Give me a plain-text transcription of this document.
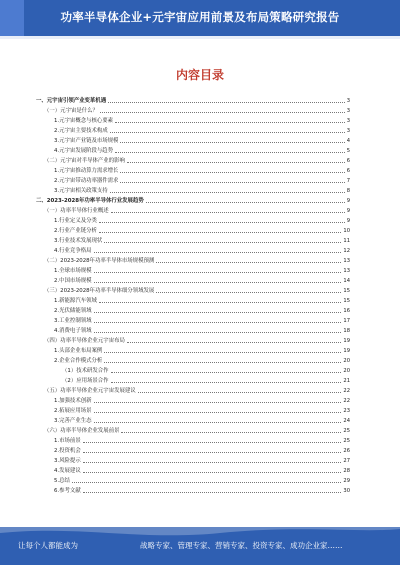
功率半导体企业+元宇宙应用前景及布局策略研究报告
内容目录
一、元宇宙引领产业变革机遇	3
（一）元宇宙是什么？	3
1.元宇宙概念与核心要素	3
2.元宇宙主要技术构成	3
3.元宇宙产业链及市场规模	4
4.元宇宙发展阶段与趋势	5
（二）元宇宙对半导体产业的影响	6
1.元宇宙推动算力需求增长	6
2.元宇宙带动功率器件需求	7
3.元宇宙相关政策支持	8
二、2023-2028年功率半导体行业发展趋势	9
（一）功率半导体行业概述	9
1.行业定义及分类	9
2.行业产业链分析	10
3.行业技术发展现状	11
4.行业竞争格局	12
（二）2023-2028年功率半导体市场规模预测	13
1.全球市场规模	13
2.中国市场规模	14
（三）2023-2028年功率半导体细分领域发展	15
1.新能源汽车领域	15
2.光伏储能领域	16
3.工业控制领域	17
4.消费电子领域	18
（四）功率半导体企业元宇宙布局	19
1.头部企业布局案例	19
2.企业合作模式分析	20
（1）技术研发合作	20
（2）应用场景合作	21
（五）功率半导体企业元宇宙发展建议	22
1.加强技术创新	22
2.拓展应用场景	23
3.完善产业生态	24
（六）功率半导体企业发展前景	25
1.市场前景	25
2.投资机会	26
3.风险提示	27
4.发展建议	28
5.总结	29
6.参考文献	30
让每个人都能成为	战略专家、管理专家、营销专家、投资专家、成功企业家……
